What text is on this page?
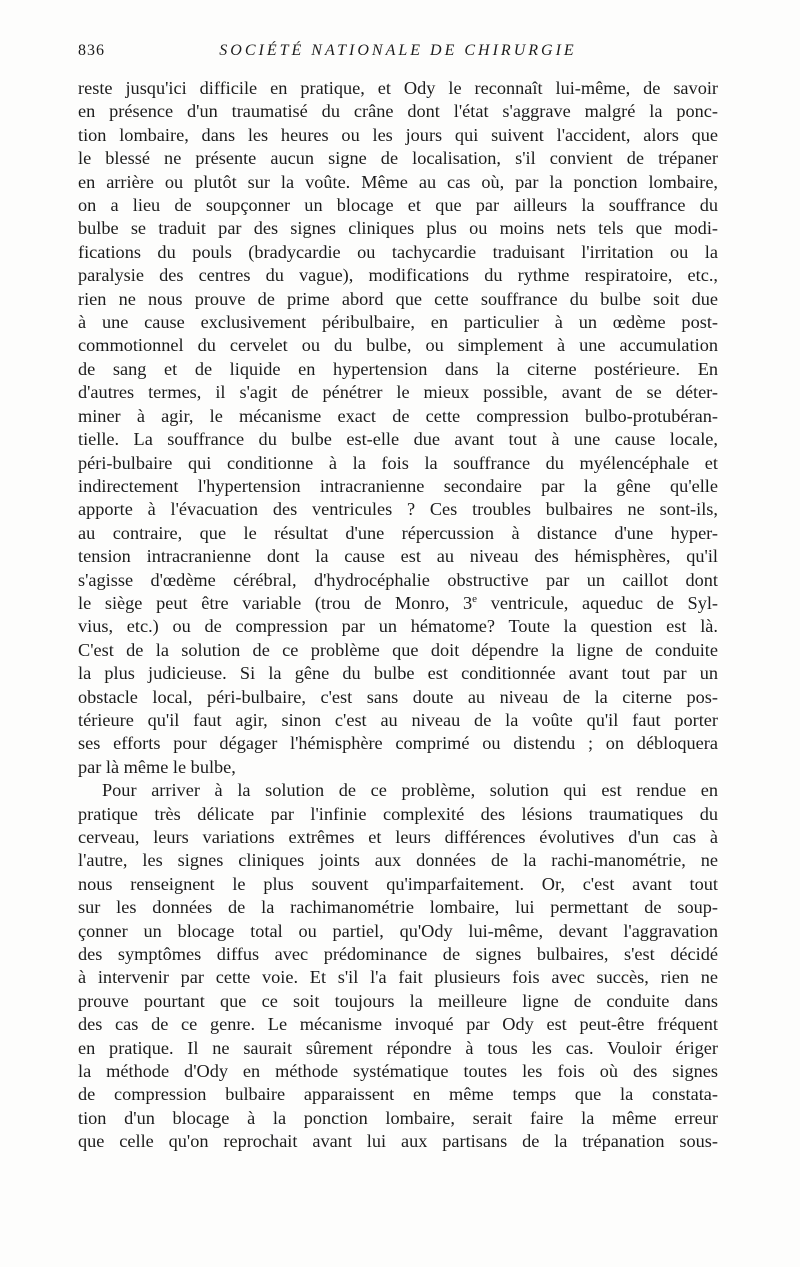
836	SOCIÉTÉ NATIONALE DE CHIRURGIE

reste jusqu'ici difficile en pratique, et Ody le reconnaît lui-même, de savoir

en présence d'un traumatisé du crâne dont l'état s'aggrave malgré la ponc-

tion lombaire, dans les heures ou les jours qui suivent l'accident, alors que

le blessé ne présente aucun signe de localisation, s'il convient de trépaner

en arrière ou plutôt sur la voûte. Même au cas où, par la ponction lombaire,

on a lieu de soupçonner un blocage et que par ailleurs la souffrance du

bulbe se traduit par des signes cliniques plus ou moins nets tels que modi-

fications du pouls (bradycardie ou tachycardie traduisant l'irritation ou la

paralysie des centres du vague), modifications du rythme respiratoire, etc.,

rien ne nous prouve de prime abord que cette souffrance du bulbe soit due

à une cause exclusivement péribulbaire, en particulier à un œdème post-

commotionnel du cervelet ou du bulbe, ou simplement à une accumulation

de sang et de liquide en hypertension dans la citerne postérieure. En

d'autres termes, il s'agit de pénétrer le mieux possible, avant de se déter-

miner à agir, le mécanisme exact de cette compression bulbo-protubéran-

tielle. La souffrance du bulbe est-elle due avant tout à une cause locale,

péri-bulbaire qui conditionne à la fois la souffrance du myélencéphale et

indirectement l'hypertension intracranienne secondaire par la gêne qu'elle

apporte à l'évacuation des ventricules ? Ces troubles bulbaires ne sont-ils,

au contraire, que le résultat d'une répercussion à distance d'une hyper-

tension intracranienne dont la cause est au niveau des hémisphères, qu'il

s'agisse d'œdème cérébral, d'hydrocéphalie obstructive par un caillot dont

le siège peut être variable (trou de Monro, 3e ventricule, aqueduc de Syl-

vius, etc.) ou de compression par un hématome? Toute la question est là.

C'est de la solution de ce problème que doit dépendre la ligne de conduite

la plus judicieuse. Si la gêne du bulbe est conditionnée avant tout par un

obstacle local, péri-bulbaire, c'est sans doute au niveau de la citerne pos-

térieure qu'il faut agir, sinon c'est au niveau de la voûte qu'il faut porter

ses efforts pour dégager l'hémisphère comprimé ou distendu ; on débloquera

par là même le bulbe,

Pour arriver à la solution de ce problème, solution qui est rendue en

pratique très délicate par l'infinie complexité des lésions traumatiques du

cerveau, leurs variations extrêmes et leurs différences évolutives d'un cas à

l'autre, les signes cliniques joints aux données de la rachi-manométrie, ne

nous renseignent le plus souvent qu'imparfaitement. Or, c'est avant tout

sur les données de la rachimanométrie lombaire, lui permettant de soup-

çonner un blocage total ou partiel, qu'Ody lui-même, devant l'aggravation

des symptômes diffus avec prédominance de signes bulbaires, s'est décidé

à intervenir par cette voie. Et s'il l'a fait plusieurs fois avec succès, rien ne

prouve pourtant que ce soit toujours la meilleure ligne de conduite dans

des cas de ce genre. Le mécanisme invoqué par Ody est peut-être fréquent

en pratique. Il ne saurait sûrement répondre à tous les cas. Vouloir ériger

la méthode d'Ody en méthode systématique toutes les fois où des signes

de compression bulbaire apparaissent en même temps que la constata-

tion d'un blocage à la ponction lombaire, serait faire la même erreur

que celle qu'on reprochait avant lui aux partisans de la trépanation sous-
